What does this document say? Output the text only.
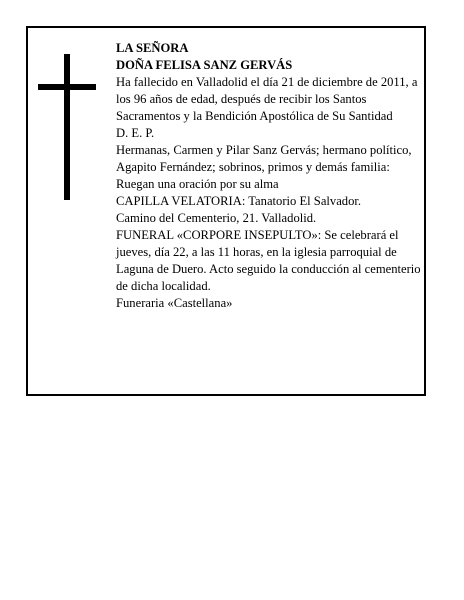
LA SEÑORA

DOÑA FELISA SANZ GERVÁS

Ha fallecido en Valladolid el día 21 de diciembre de 2011, a los 96 años de edad, después de recibir los Santos Sacramentos y la Bendición Apostólica de Su Santidad

D. E. P.

Hermanas, Carmen y Pilar Sanz Gervás; hermano político, Agapito Fernández; sobrinos, primos y demás familia:

Ruegan una oración por su alma

CAPILLA VELATORIA: Tanatorio El Salvador.

Camino del Cementerio, 21. Valladolid.

FUNERAL «CORPORE INSEPULTO»: Se celebrará el jueves, día 22, a las 11 horas, en la iglesia parroquial de Laguna de Duero. Acto seguido la conducción al cementerio de dicha localidad.

Funeraria «Castellana»
